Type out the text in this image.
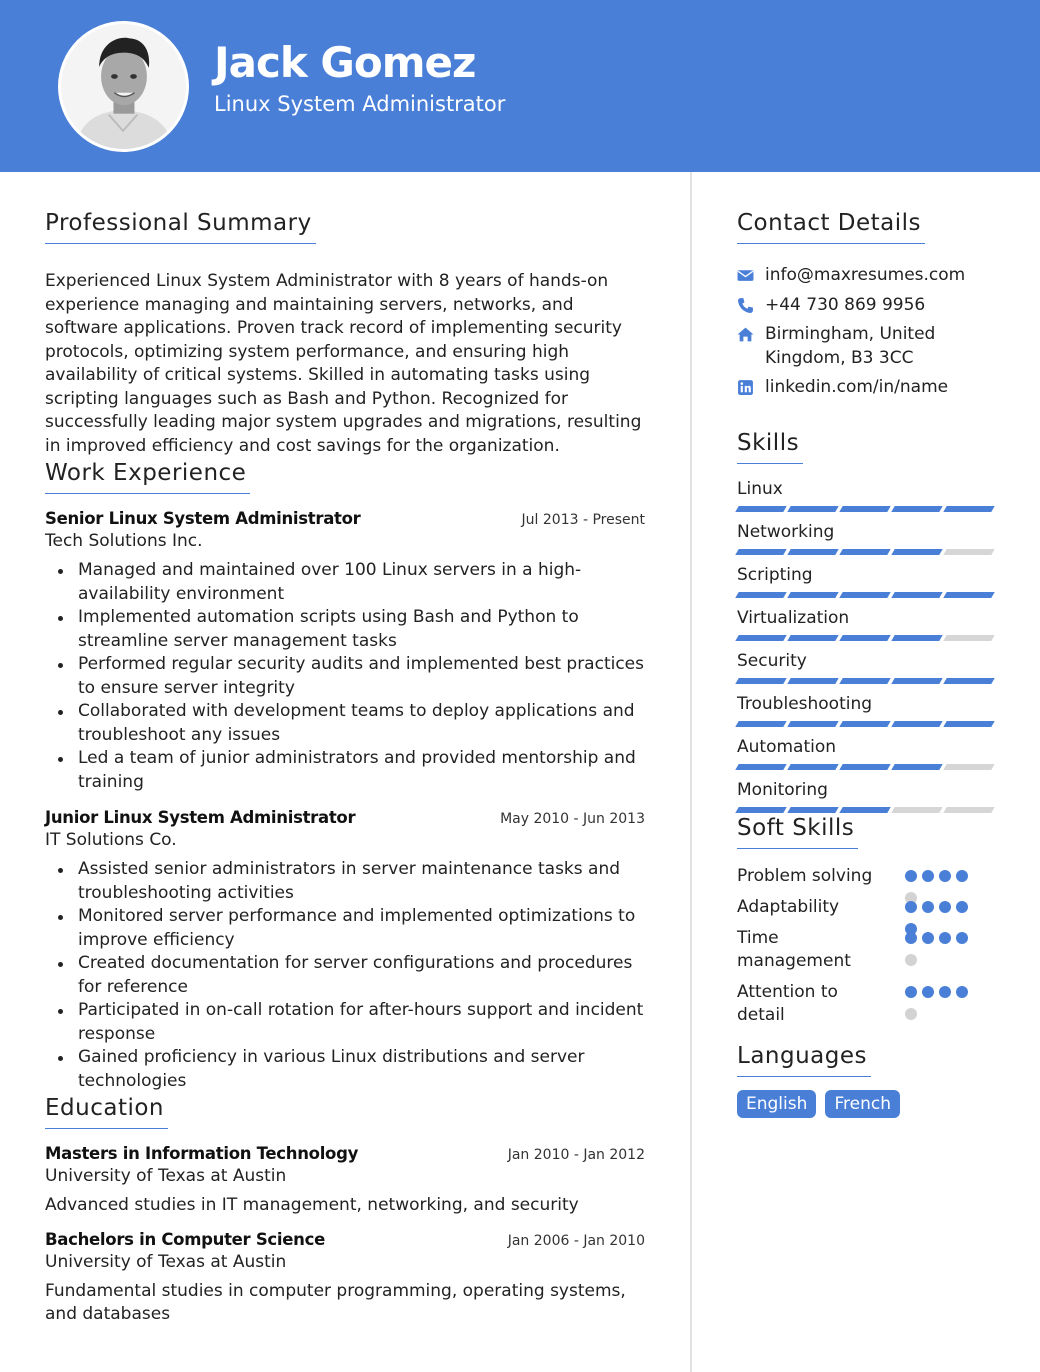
Jack Gomez
Linux System Administrator
Professional Summary

Experienced Linux System Administrator with 8 years of hands-on experience managing and maintaining servers, networks, and software applications. Proven track record of implementing security protocols, optimizing system performance, and ensuring high availability of critical systems. Skilled in automating tasks using scripting languages such as Bash and Python. Recognized for successfully leading major system upgrades and migrations, resulting in improved efficiency and cost savings for the organization.

Work Experience
Senior Linux System Administrator	Jul 2013 - Present
Tech Solutions Inc.
Managed and maintained over 100 Linux servers in a high-availability environment
Implemented automation scripts using Bash and Python to streamline server management tasks
Performed regular security audits and implemented best practices to ensure server integrity
Collaborated with development teams to deploy applications and troubleshoot any issues
Led a team of junior administrators and provided mentorship and training
Junior Linux System Administrator	May 2010 - Jun 2013
IT Solutions Co.
Assisted senior administrators in server maintenance tasks and troubleshooting activities
Monitored server performance and implemented optimizations to improve efficiency
Created documentation for server configurations and procedures for reference
Participated in on-call rotation for after-hours support and incident response
Gained proficiency in various Linux distributions and server technologies
Education
Masters in Information Technology	Jan 2010 - Jan 2012
University of Texas at Austin

Advanced studies in IT management, networking, and security

Bachelors in Computer Science	Jan 2006 - Jan 2010
University of Texas at Austin

Fundamental studies in computer programming, operating systems, and databases

Contact Details
info@maxresumes.com
+44 730 869 9956
Birmingham, United Kingdom, B3 3CC
linkedin.com/in/name
Skills
Linux
Networking
Scripting
Virtualization
Security
Troubleshooting
Automation
Monitoring
Soft Skills
Problem solving
Adaptability
Time management
Attention to detail
Languages
English French
